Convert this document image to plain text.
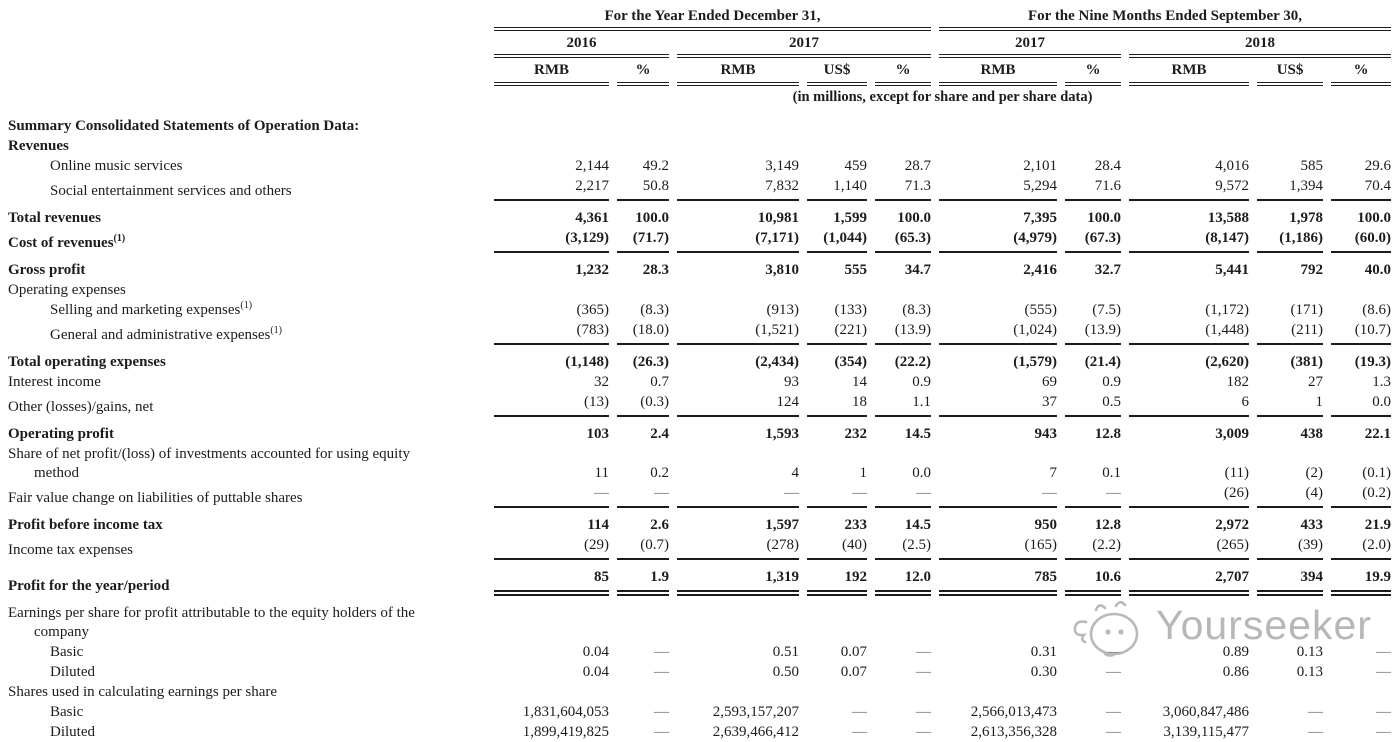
	For the Year Ended December 31,					For the Nine Months Ended September 30,				
	2016		2017			2017		2018		
	RMB	%	RMB	US$	%	RMB	%	RMB	US$	%
	(in millions, except for share and per share data)									
Summary Consolidated Statements of Operation Data:										
Revenues										
Online music services	2,144	49.2	3,149	459	28.7	2,101	28.4	4,016	585	29.6
Social entertainment services and others	2,217	50.8	7,832	1,140	71.3	5,294	71.6	9,572	1,394	70.4
Total revenues	4,361	100.0	10,981	1,599	100.0	7,395	100.0	13,588	1,978	100.0
Cost of revenues$^{(1)}$	(3,129)	(71.7)	(7,171)	(1,044)	(65.3)	(4,979)	(67.3)	(8,147)	(1,186)	(60.0)
Gross profit	1,232	28.3	3,810	555	34.7	2,416	32.7	5,441	792	40.0
Operating expenses										
Selling and marketing expenses$^{(1)}$	(365)	(8.3)	(913)	(133)	(8.3)	(555)	(7.5)	(1,172)	(171)	(8.6)
General and administrative expenses$^{(1)}$	(783)	(18.0)	(1,521)	(221)	(13.9)	(1,024)	(13.9)	(1,448)	(211)	(10.7)
Total operating expenses	(1,148)	(26.3)	(2,434)	(354)	(22.2)	(1,579)	(21.4)	(2,620)	(381)	(19.3)
Interest income	32	0.7	93	14	0.9	69	0.9	182	27	1.3
Other (losses)/gains, net	(13)	(0.3)	124	18	1.1	37	0.5	6	1	0.0
Operating profit	103	2.4	1,593	232	14.5	943	12.8	3,009	438	22.1
Share of net profit/(loss) of investments accounted for using equity
method	11	0.2	4	1	0.0	7	0.1	(11)	(2)	(0.1)
Fair value change on liabilities of puttable shares	—	—	—	—	—	—	—	(26)	(4)	(0.2)
Profit before income tax	114	2.6	1,597	233	14.5	950	12.8	2,972	433	21.9
Income tax expenses	(29)	(0.7)	(278)	(40)	(2.5)	(165)	(2.2)	(265)	(39)	(2.0)
Profit for the year/period	85	1.9	1,319	192	12.0	785	10.6	2,707	394	19.9
Earnings per share for profit attributable to the equity holders of the
company										

Basic	0.04	—	0.51	0.07	—	0.31	—	0.89	0.13	—
Diluted	0.04	—	0.50	0.07	—	0.30	—	0.86	0.13	—
Shares used in calculating earnings per share										
Basic	1,831,604,053	—	2,593,157,207	—	—	2,566,013,473	—	3,060,847,486	—	—
Diluted	1,899,419,825	—	2,639,466,412	—	—	2,613,356,328	—	3,139,115,477	—	—
Yourseeker
